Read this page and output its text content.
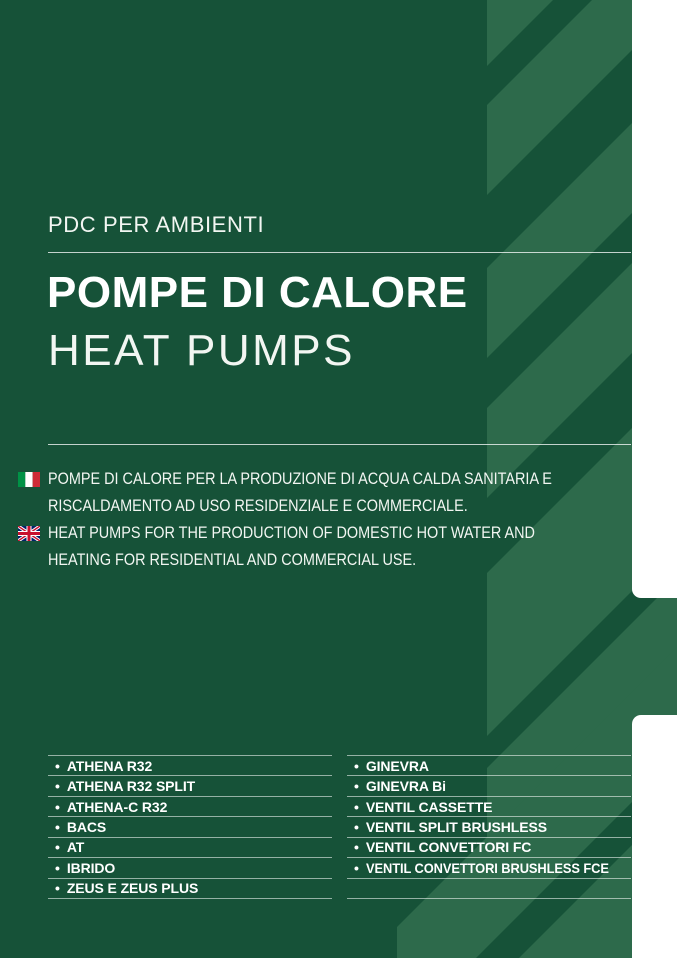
PDC PER AMBIENTI
POMPE DI CALORE
HEAT PUMPS
POMPE DI CALORE PER LA PRODUZIONE DI ACQUA CALDA SANITARIA E
RISCALDAMENTO AD USO RESIDENZIALE E COMMERCIALE.
HEAT PUMPS FOR THE PRODUCTION OF DOMESTIC HOT WATER AND
HEATING FOR RESIDENTIAL AND COMMERCIAL USE.
• ATHENA R32
• ATHENA R32 SPLIT
• ATHENA-C R32
• BACS
• AT
• IBRIDO
• ZEUS E ZEUS PLUS
• GINEVRA
• GINEVRA Bi
• VENTIL CASSETTE
• VENTIL SPLIT BRUSHLESS
• VENTIL CONVETTORI FC
• VENTIL CONVETTORI BRUSHLESS FCE
